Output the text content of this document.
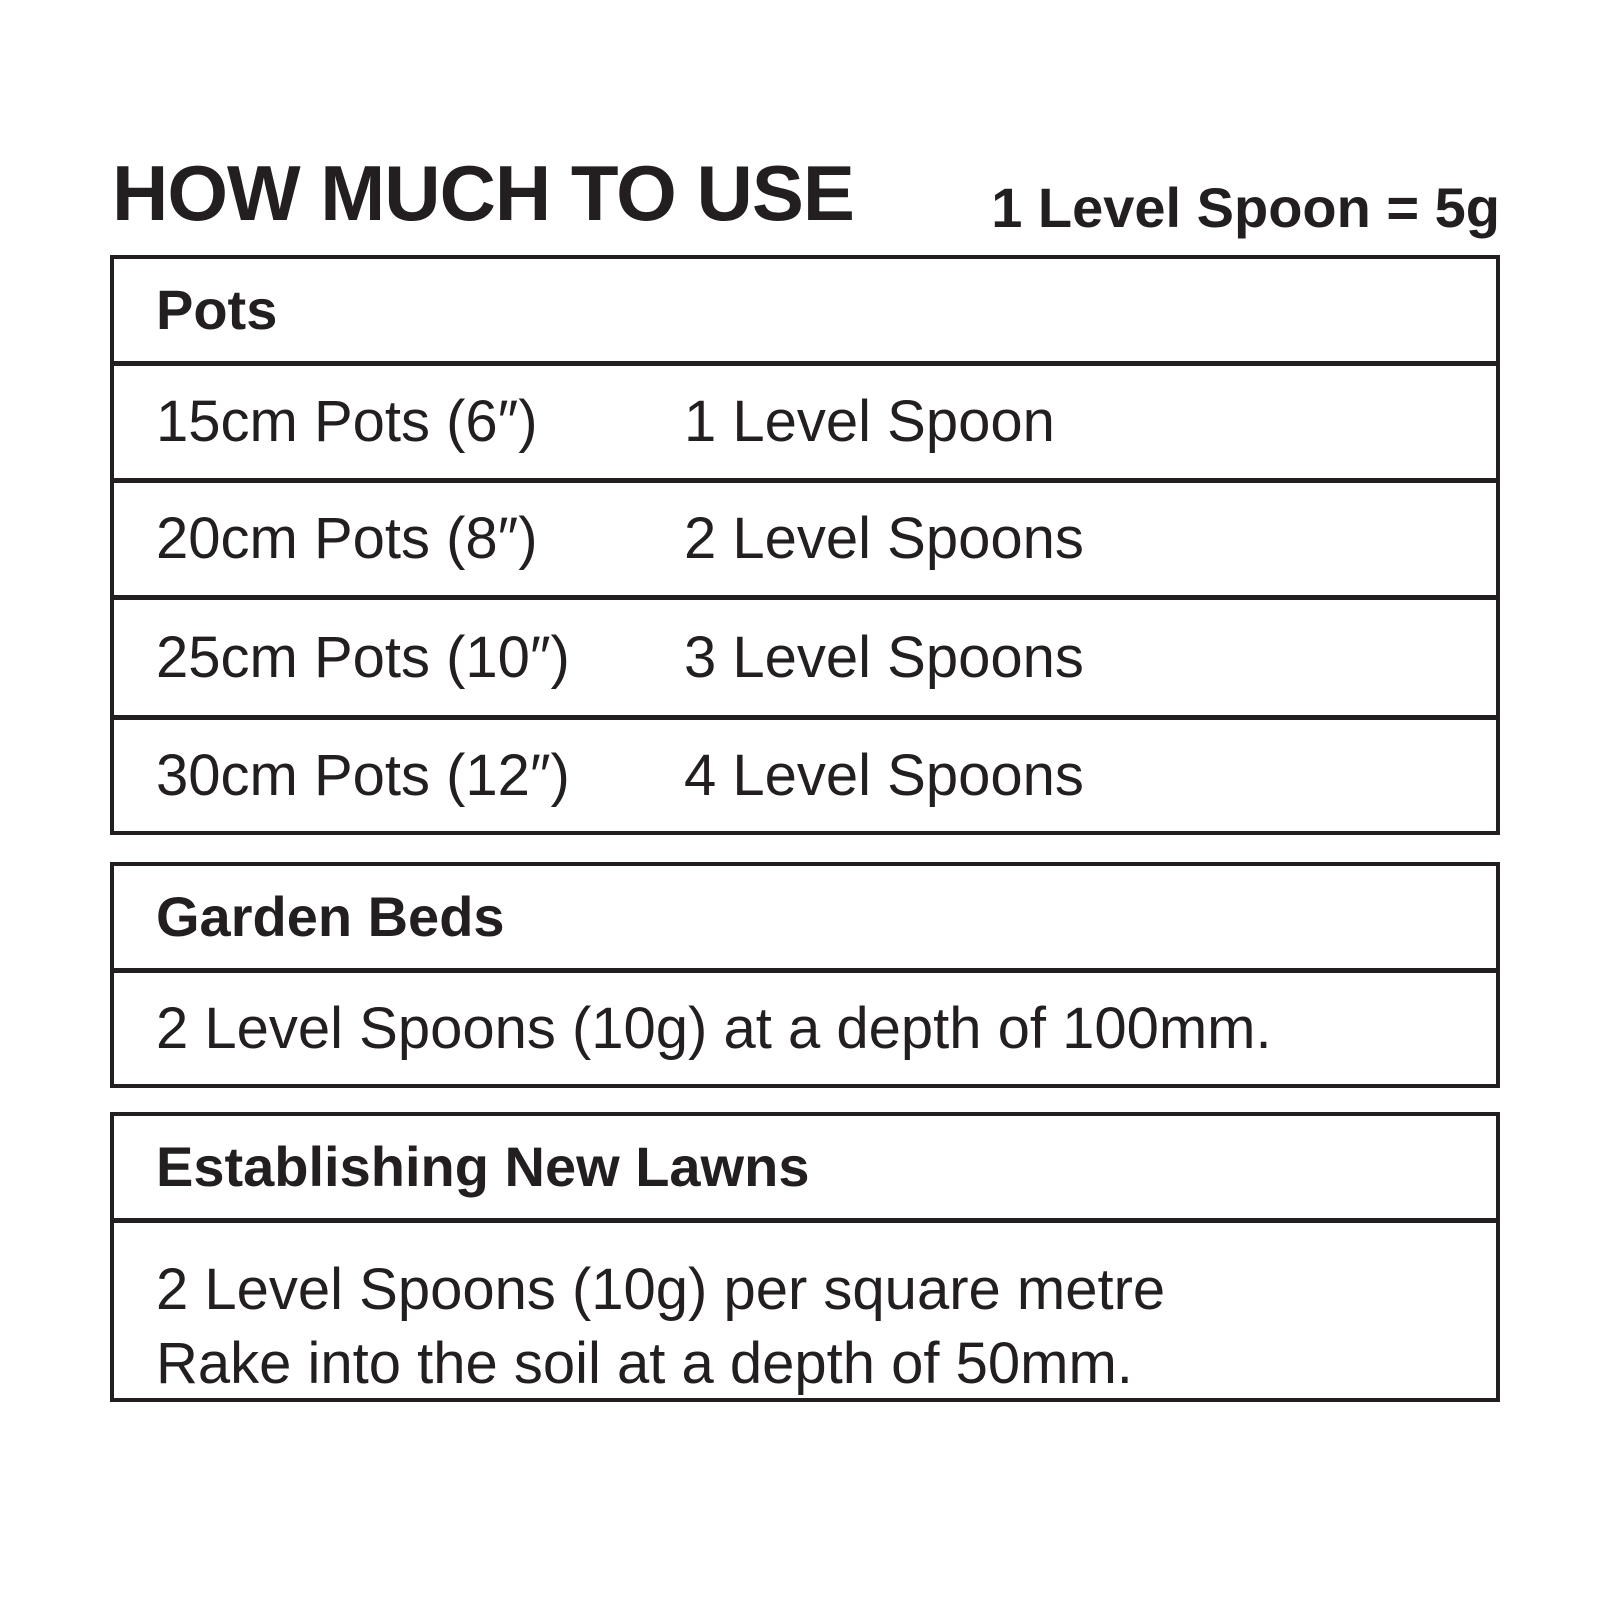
HOW MUCH TO USE 1 Level Spoon = 5g
Pots
15cm Pots (6″)	1 Level Spoon
20cm Pots (8″)	2 Level Spoons
25cm Pots (10″) 3 Level Spoons
30cm Pots (12″) 4 Level Spoons
Garden Beds
2 Level Spoons (10g) at a depth of 100mm.
Establishing New Lawns
2 Level Spoons (10g) per square metre
Rake into the soil at a depth of 50mm.
